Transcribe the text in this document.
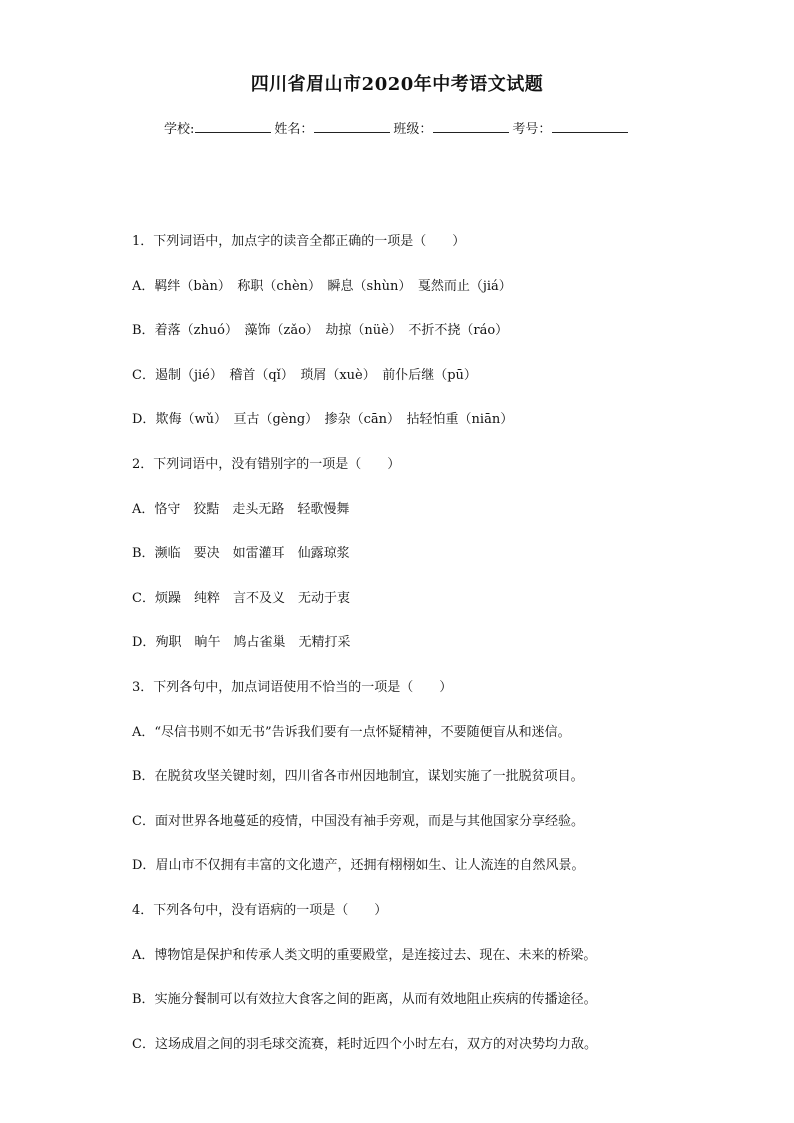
四川省眉山市2020年中考语文试题
学校:	姓名：	班级：	考号：
1．下列词语中，加点字的读音全都正确的一项是（　　）
A．羁绊（bàn）　称职（chèn）　瞬息（shùn）　戛然而止（jiá）
B．着落（zhuó）　藻饰（zǎo）　劫掠（nüè）　不折不挠（ráo）
C．遏制（jié）　稽首（qǐ）　琐屑（xuè）　前仆后继（pū）
D．欺侮（wǔ）　亘古（gèng）　掺杂（cān）　拈轻怕重（niān）
2．下列词语中，没有错别字的一项是（　　）
A．恪守　狡黠　走头无路　轻歌慢舞
B．濒临　要决　如雷灌耳　仙露琼浆
C．烦躁　纯粹　言不及义　无动于衷
D．殉职　晌午　鸠占雀巢　无精打采
3．下列各句中，加点词语使用不恰当的一项是（　　）
A．“尽信书则不如无书”告诉我们要有一点怀疑精神，不要随便盲从和迷信。
B．在脱贫攻坚关键时刻，四川省各市州因地制宜，谋划实施了一批脱贫项目。
C．面对世界各地蔓延的疫情，中国没有袖手旁观，而是与其他国家分享经验。
D．眉山市不仅拥有丰富的文化遗产，还拥有栩栩如生、让人流连的自然风景。
4．下列各句中，没有语病的一项是（　　）
A．博物馆是保护和传承人类文明的重要殿堂，是连接过去、现在、未来的桥梁。
B．实施分餐制可以有效拉大食客之间的距离，从而有效地阻止疾病的传播途径。
C．这场成眉之间的羽毛球交流赛，耗时近四个小时左右，双方的对决势均力敌。
